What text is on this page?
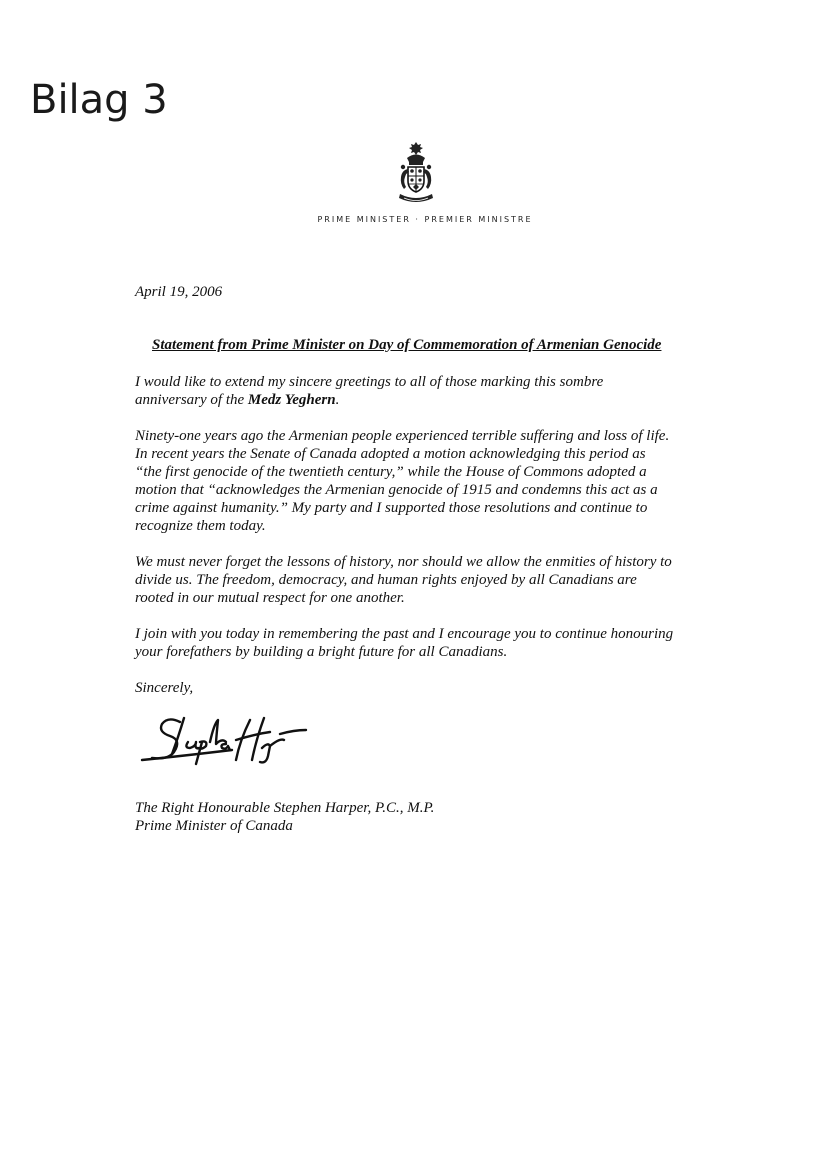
Bilag 3
PRIME MINISTER · PREMIER MINISTRE
April 19, 2006
Statement from Prime Minister on Day of Commemoration of Armenian Genocide

I would like to extend my sincere greetings to all of those marking this sombre
anniversary of the Medz Yeghern.

Ninety-one years ago the Armenian people experienced terrible suffering and loss of life.
In recent years the Senate of Canada adopted a motion acknowledging this period as
“the first genocide of the twentieth century,” while the House of Commons adopted a
motion that “acknowledges the Armenian genocide of 1915 and condemns this act as a
crime against humanity.” My party and I supported those resolutions and continue to
recognize them today.

We must never forget the lessons of history, nor should we allow the enmities of history to
divide us. The freedom, democracy, and human rights enjoyed by all Canadians are
rooted in our mutual respect for one another.

I join with you today in remembering the past and I encourage you to continue honouring
your forefathers by building a bright future for all Canadians.

Sincerely,
The Right Honourable Stephen Harper, P.C., M.P.
Prime Minister of Canada
